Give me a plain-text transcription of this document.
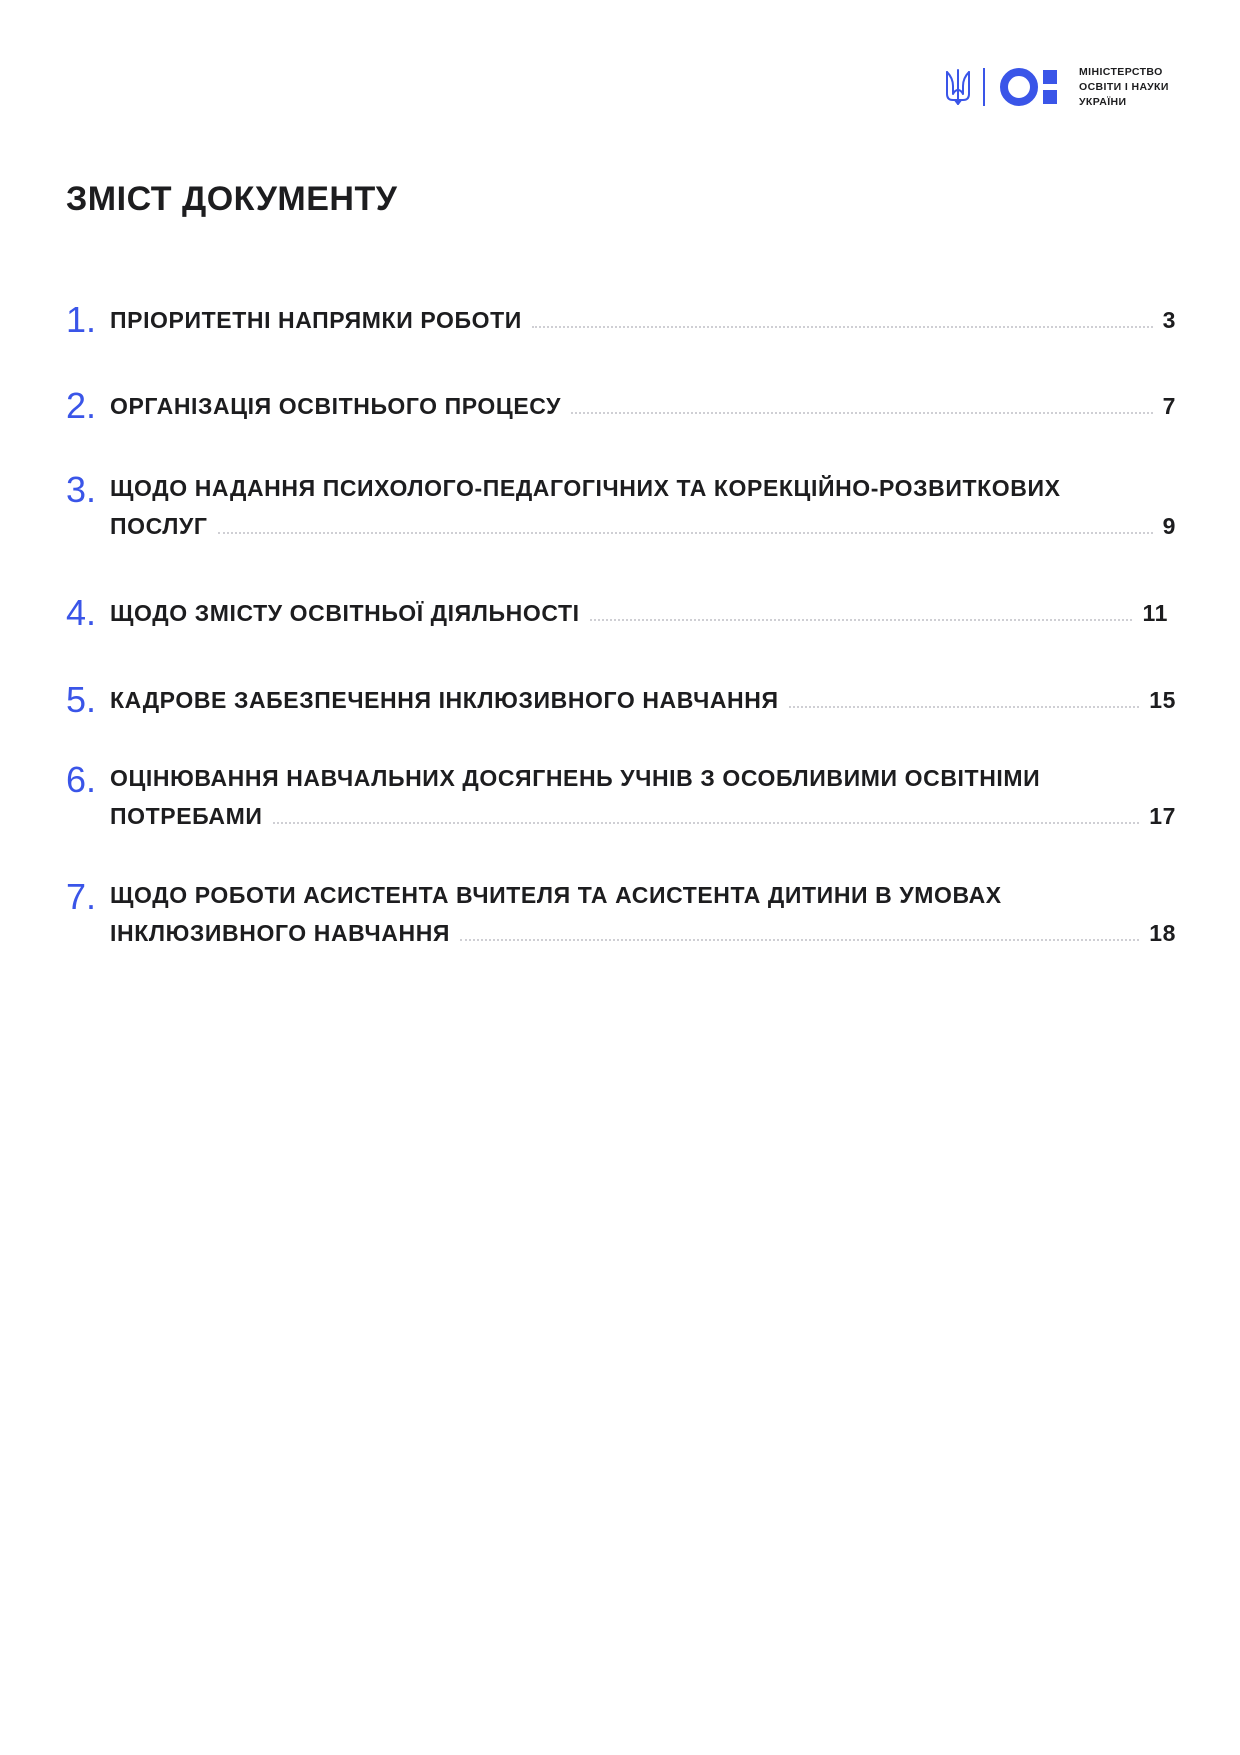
МІНІСТЕРСТВО
ОСВІТИ І НАУКИ
УКРАЇНИ
ЗМІСТ ДОКУМЕНТУ
1. ПРІОРИТЕТНІ НАПРЯМКИ РОБОТИ	3
2. ОРГАНІЗАЦІЯ ОСВІТНЬОГО ПРОЦЕСУ	7
3. ЩОДО НАДАННЯ ПСИХОЛОГО-ПЕДАГОГІЧНИХ ТА КОРЕКЦІЙНО-РОЗВИТКОВИХ
ПОСЛУГ	9
4. ЩОДО ЗМІСТУ ОСВІТНЬОЇ ДІЯЛЬНОСТІ	11
5. КАДРОВЕ ЗАБЕЗПЕЧЕННЯ ІНКЛЮЗИВНОГО НАВЧАННЯ	15
6. ОЦІНЮВАННЯ НАВЧАЛЬНИХ ДОСЯГНЕНЬ УЧНІВ З ОСОБЛИВИМИ ОСВІТНІМИ
ПОТРЕБАМИ	17
7. ЩОДО РОБОТИ АСИСТЕНТА ВЧИТЕЛЯ ТА АСИСТЕНТА ДИТИНИ В УМОВАХ
ІНКЛЮЗИВНОГО НАВЧАННЯ	18
